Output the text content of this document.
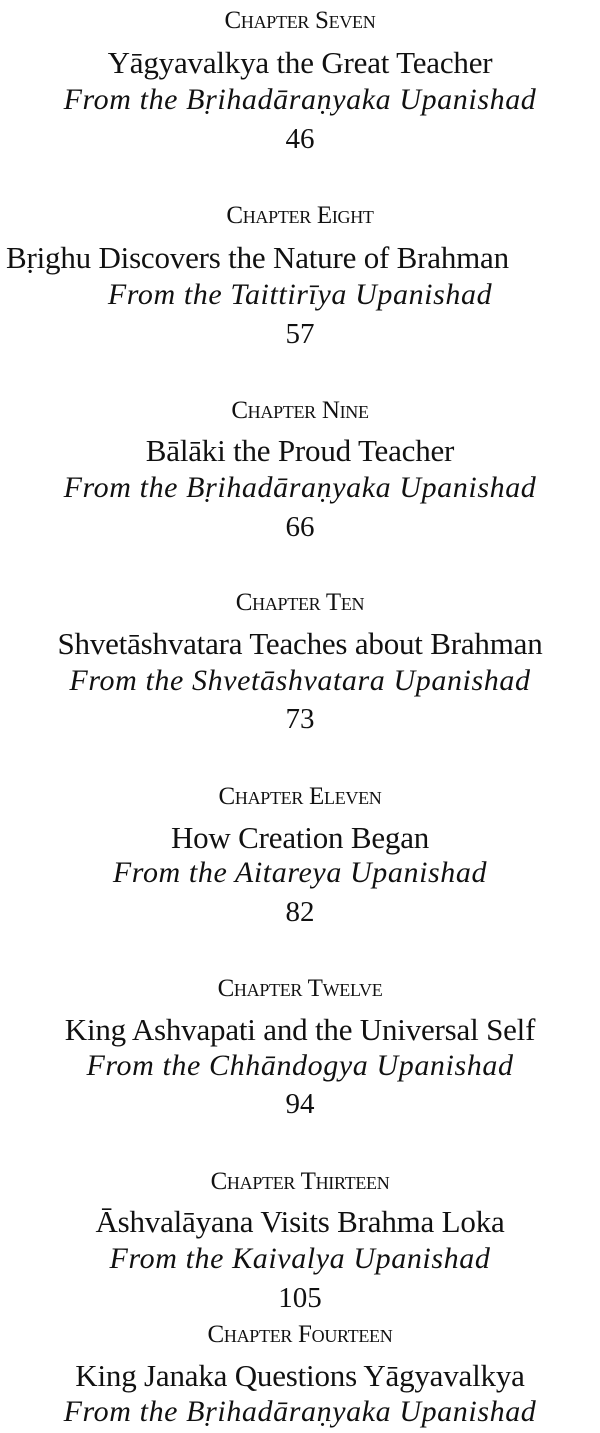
Chapter Seven
Yāgyavalkya the Great Teacher
From the Bṛihadāraṇyaka Upanishad
46
Chapter Eight
Bṛighu Discovers the Nature of Brahman
From the Taittirīya Upanishad
57
Chapter Nine
Bālāki the Proud Teacher
From the Bṛihadāraṇyaka Upanishad
66
Chapter Ten
Shvetāshvatara Teaches about Brahman
From the Shvetāshvatara Upanishad
73
Chapter Eleven
How Creation Began
From the Aitareya Upanishad
82
Chapter Twelve
King Ashvapati and the Universal Self
From the Chhāndogya Upanishad
94
Chapter Thirteen
Āshvalāyana Visits Brahma Loka
From the Kaivalya Upanishad
105
Chapter Fourteen
King Janaka Questions Yāgyavalkya
From the Bṛihadāraṇyaka Upanishad
